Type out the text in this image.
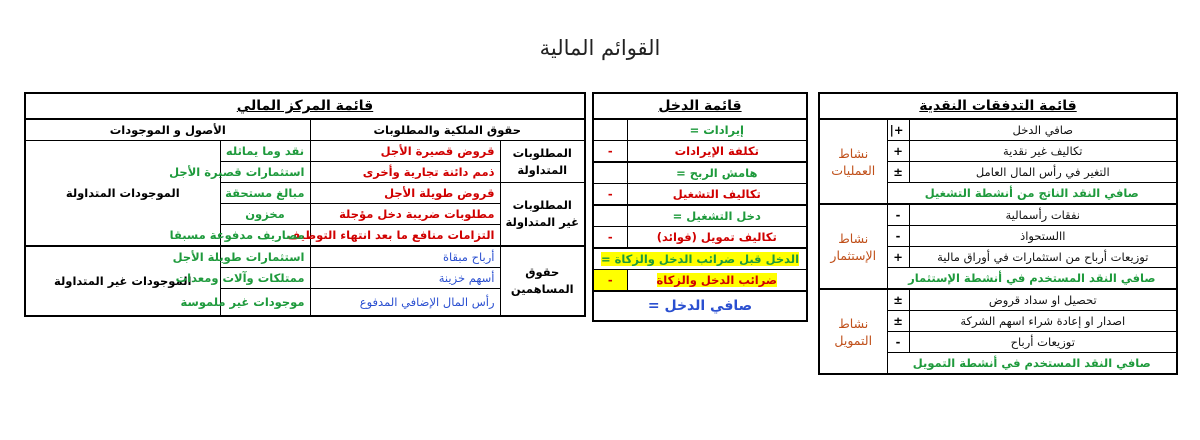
القوائم المالية
قائمة المركز المالي			
حقوق الملكية والمطلوبات		الأصول و الموجودات	
المطلوبات المتداولة	قروض قصيرة الأجل	نقد وما يماثله	الموجودات المتداولة
	ذمم دائنة تجارية وأخرى	استثمارات قصيرة الأجل	
المطلوبات غير المتداولة	قروض طويلة الأجل	مبالغ مستحقة	
	مطلوبات ضريبة دخل مؤجلة	مخزون	
	التزامات منافع ما بعد انتهاء التوظيف	مصاريف مدفوعة مسبقا	
حقوق المساهمين	أرباح مبقاة	استثمارات طويلة الأجل	الموجودات غير المتداولة
	أسهم خزينة	ممتلكات وآلات ومعدات	
	رأس المال الإضافي المدفوع	موجودات غير ملموسة	
قائمة الدخل	
إيرادات =	
تكلفة الإيرادات	-
هامش الربح =	
تكاليف التشغيل	-
دخل التشغيل =	
تكاليف تمويل (فوائد)	-
الدخل قبل ضرائب الدخل والزكاة =	
ضرائب الدخل والزكاة	-
صافي الدخل =	
قائمة التدفقات النقدية		
صافي الدخل	+|	نشاط العمليات
تكاليف غير نقدية	+	
التغير في رأس المال العامل	±	
صافي النقد الناتج من أنشطة التشغيل		
نفقات رأسمالية	-	نشاط الإستثمار
االستحواذ	-	
توزيعات أرباح من استثمارات في أوراق مالية	+	
صافي النقد المستخدم في أنشطة الإستثمار		
تحصيل او سداد قروض	±	نشاط التمويل
اصدار او إعادة شراء اسهم الشركة	±	
توزيعات أرباح	-	
صافي النقد المستخدم في أنشطة التمويل		
